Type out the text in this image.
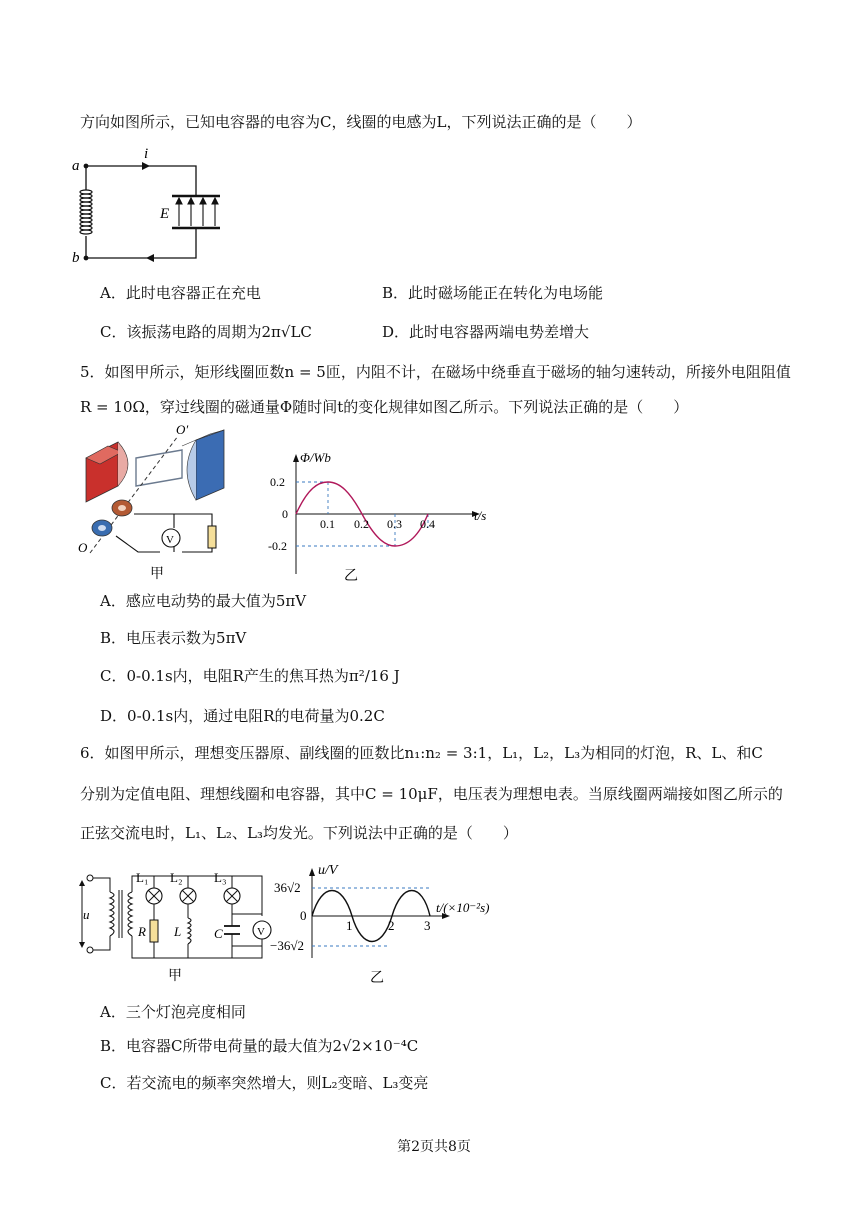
方向如图所示，已知电容器的电容为C，线圈的电感为L，下列说法正确的是（　　）
a
b
i
E
A．此时电容器正在充电	B．此时磁场能正在转化为电场能
C．该振荡电路的周期为2π√LC	D．此时电容器两端电势差增大
5．如图甲所示，矩形线圈匝数n = 5匝，内阻不计，在磁场中绕垂直于磁场的轴匀速转动，所接外电阻阻值
R = 10Ω，穿过线圈的磁通量Φ随时间t的变化规律如图乙所示。下列说法正确的是（　　）
V
O
O′
甲
Φ/Wb
t/s
0.2
0
-0.2
0.1 0.2 0.3 0.4
乙
A．感应电动势的最大值为5πV
B．电压表示数为5πV
C．0-0.1s内，电阻R产生的焦耳热为π²/16 J
D．0-0.1s内，通过电阻R的电荷量为0.2C
6．如图甲所示，理想变压器原、副线圈的匝数比n₁:n₂ = 3:1，L₁，L₂，L₃为相同的灯泡，R、L、和C
分别为定值电阻、理想线圈和电容器，其中C = 10μF，电压表为理想电表。当原线圈两端接如图乙所示的
正弦交流电时，L₁、L₂、L₃均发光。下列说法中正确的是（　　）
u
L₁
R
L₂
L	V
L₃
C
甲
u/V
t/(×10⁻²s)
36√2
0
−36√2
1	2 3
乙
A．三个灯泡亮度相同
B．电容器C所带电荷量的最大值为2√2×10⁻⁴C
C．若交流电的频率突然增大，则L₂变暗、L₃变亮
第2页共8页
